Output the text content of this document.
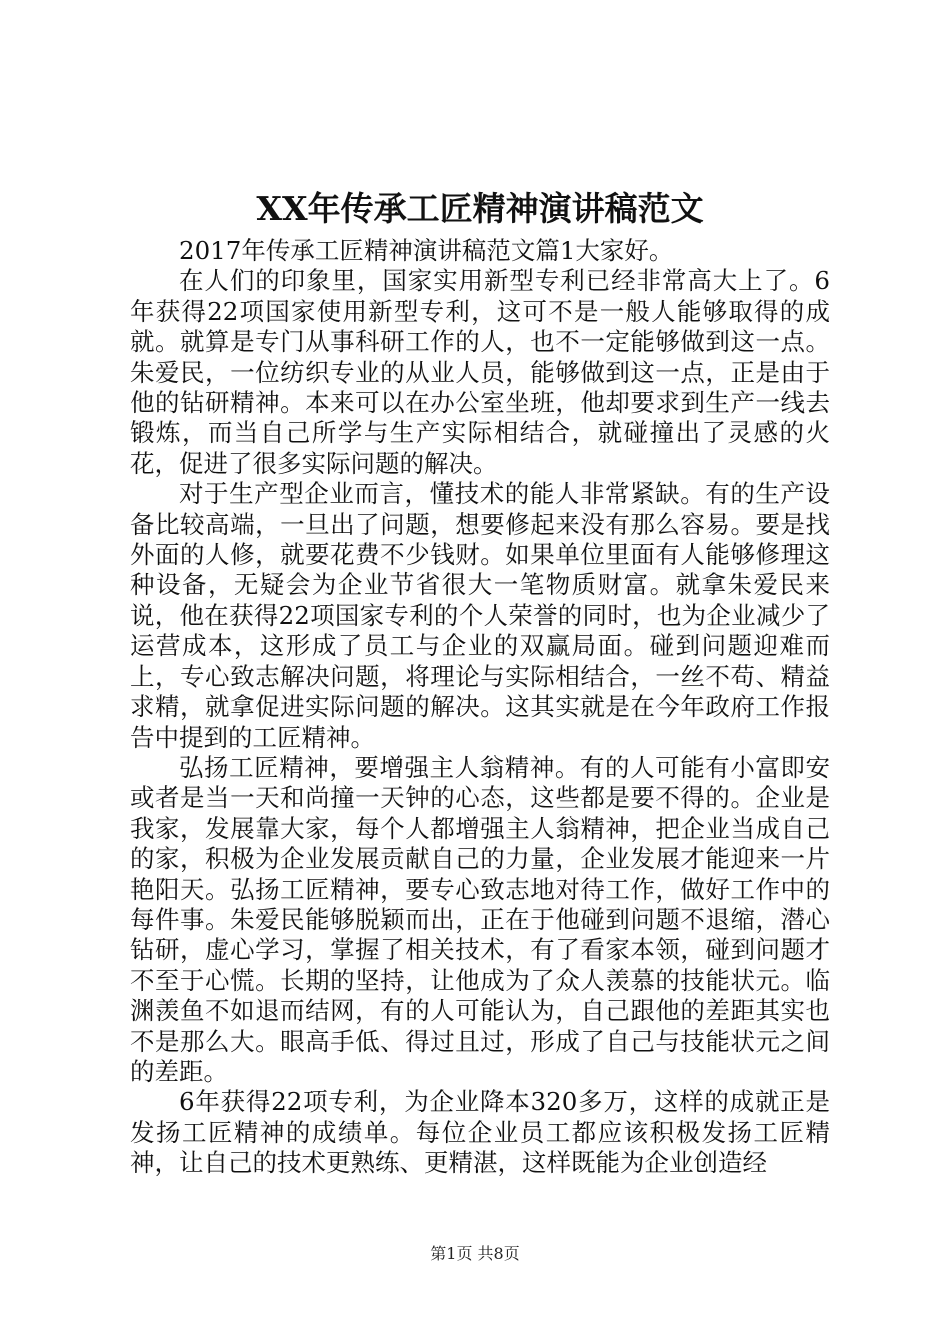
XX年传承工匠精神演讲稿范文

2017年传承工匠精神演讲稿范文篇1大家好。

在人们的印象里，国家实用新型专利已经非常高大上了。6年获得22项国家使用新型专利，这可不是一般人能够取得的成就。就算是专门从事科研工作的人，也不一定能够做到这一点。朱爱民，一位纺织专业的从业人员，能够做到这一点，正是由于他的钻研精神。本来可以在办公室坐班，他却要求到生产一线去锻炼，而当自己所学与生产实际相结合，就碰撞出了灵感的火花，促进了很多实际问题的解决。

对于生产型企业而言，懂技术的能人非常紧缺。有的生产设备比较高端，一旦出了问题，想要修起来没有那么容易。要是找外面的人修，就要花费不少钱财。如果单位里面有人能够修理这种设备，无疑会为企业节省很大一笔物质财富。就拿朱爱民来说，他在获得22项国家专利的个人荣誉的同时，也为企业减少了运营成本，这形成了员工与企业的双赢局面。碰到问题迎难而上，专心致志解决问题，将理论与实际相结合，一丝不苟、精益求精，就拿促进实际问题的解决。这其实就是在今年政府工作报告中提到的工匠精神。

弘扬工匠精神，要增强主人翁精神。有的人可能有小富即安或者是当一天和尚撞一天钟的心态，这些都是要不得的。企业是我家，发展靠大家，每个人都增强主人翁精神，把企业当成自己的家，积极为企业发展贡献自己的力量，企业发展才能迎来一片艳阳天。弘扬工匠精神，要专心致志地对待工作，做好工作中的每件事。朱爱民能够脱颖而出，正在于他碰到问题不退缩，潜心钻研，虚心学习，掌握了相关技术，有了看家本领，碰到问题才不至于心慌。长期的坚持，让他成为了众人羡慕的技能状元。临渊羡鱼不如退而结网，有的人可能认为，自己跟他的差距其实也不是那么大。眼高手低、得过且过，形成了自己与技能状元之间的差距。

6年获得22项专利，为企业降本320多万，这样的成就正是发扬工匠精神的成绩单。每位企业员工都应该积极发扬工匠精神，让自己的技术更熟练、更精湛，这样既能为企业创造经

第1页 共8页
